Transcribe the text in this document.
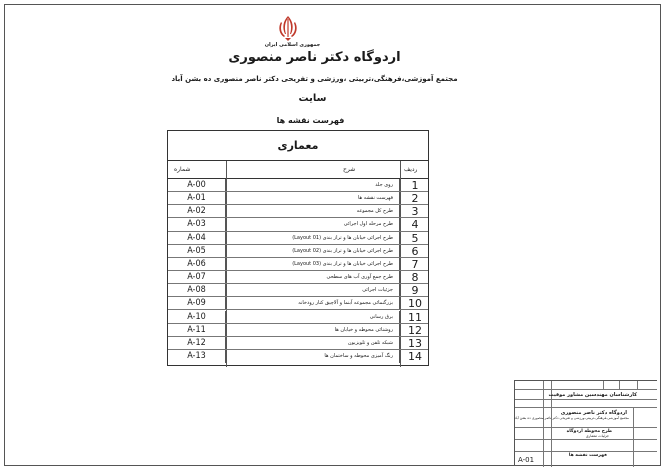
جمهوری اسلامی ایران
اردوگاه دکتر ناصر منصوری
مجتمع آموزشی،فرهنگی،تربیتی ،ورزشی و تفریحی دکتر ناصر منصوری ده بشن آباد
سایت
فهرست نقشه ها
معماری
شماره	شرح	ردیف
A-00	روی جلد	1
A-01	فهرست نقشه ها	2
A-02	طرح کل مجموعه	3
A-03	طرح مرحله اول اجرائی	4
A-04	طرح اجرائی خیابان ها و تراز بندی (Layout 01)	5
A-05	طرح اجرائی خیابان ها و تراز بندی (Layout 02)	6
A-06	طرح اجرائی خیابان ها و تراز بندی (Layout 03)	7
A-07	طرح جمع آوری آب های سطحی	8
A-08	جزئیات اجرائی	9
A-09	بزرگنمائی مجموعه آبنما و آلاچیق کنار رودخانه	10
A-10	برق رسانی	11
A-11	روشنائی محوطه و خیابان ها	12
A-12	شبکه تلفن و تلویزیون	13
A-13	رنگ آمیزی محوطه و ساختمان ها	14
کارشناسان مهندسین مشاور موقیت
اردوگاه دکتر ناصر منصوری
مجتمع آموزشی،فرهنگی،تربیتی،ورزشی و تفریحی دکتر ناصر منصوری ده بشن آباد
طرح محوطه اردوگاه
جزئیات معماری
فهرست نقشه ها
A-01
